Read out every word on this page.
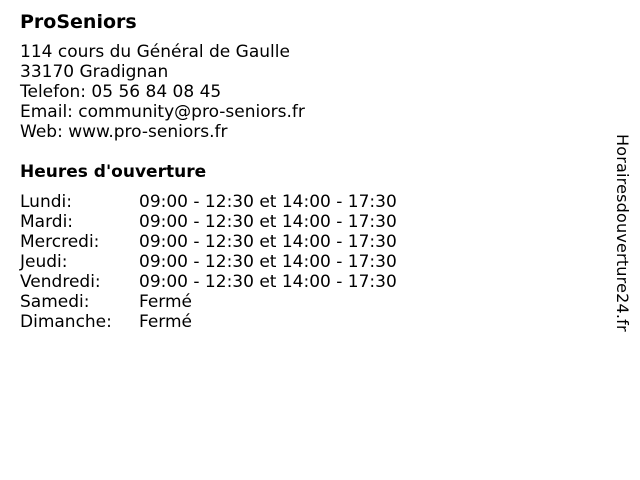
ProSeniors
114 cours du Général de Gaulle
33170 Gradignan
Telefon: 05 56 84 08 45
Email: community@pro-seniors.fr
Web: www.pro-seniors.fr
Heures d'ouverture
Lundi:	09:00 - 12:30 et 14:00 - 17:30
Mardi:	09:00 - 12:30 et 14:00 - 17:30
Mercredi:	09:00 - 12:30 et 14:00 - 17:30
Jeudi:	09:00 - 12:30 et 14:00 - 17:30
Vendredi:	09:00 - 12:30 et 14:00 - 17:30
Samedi:	Fermé
Dimanche:	Fermé	Horairesdouverture24.fr
